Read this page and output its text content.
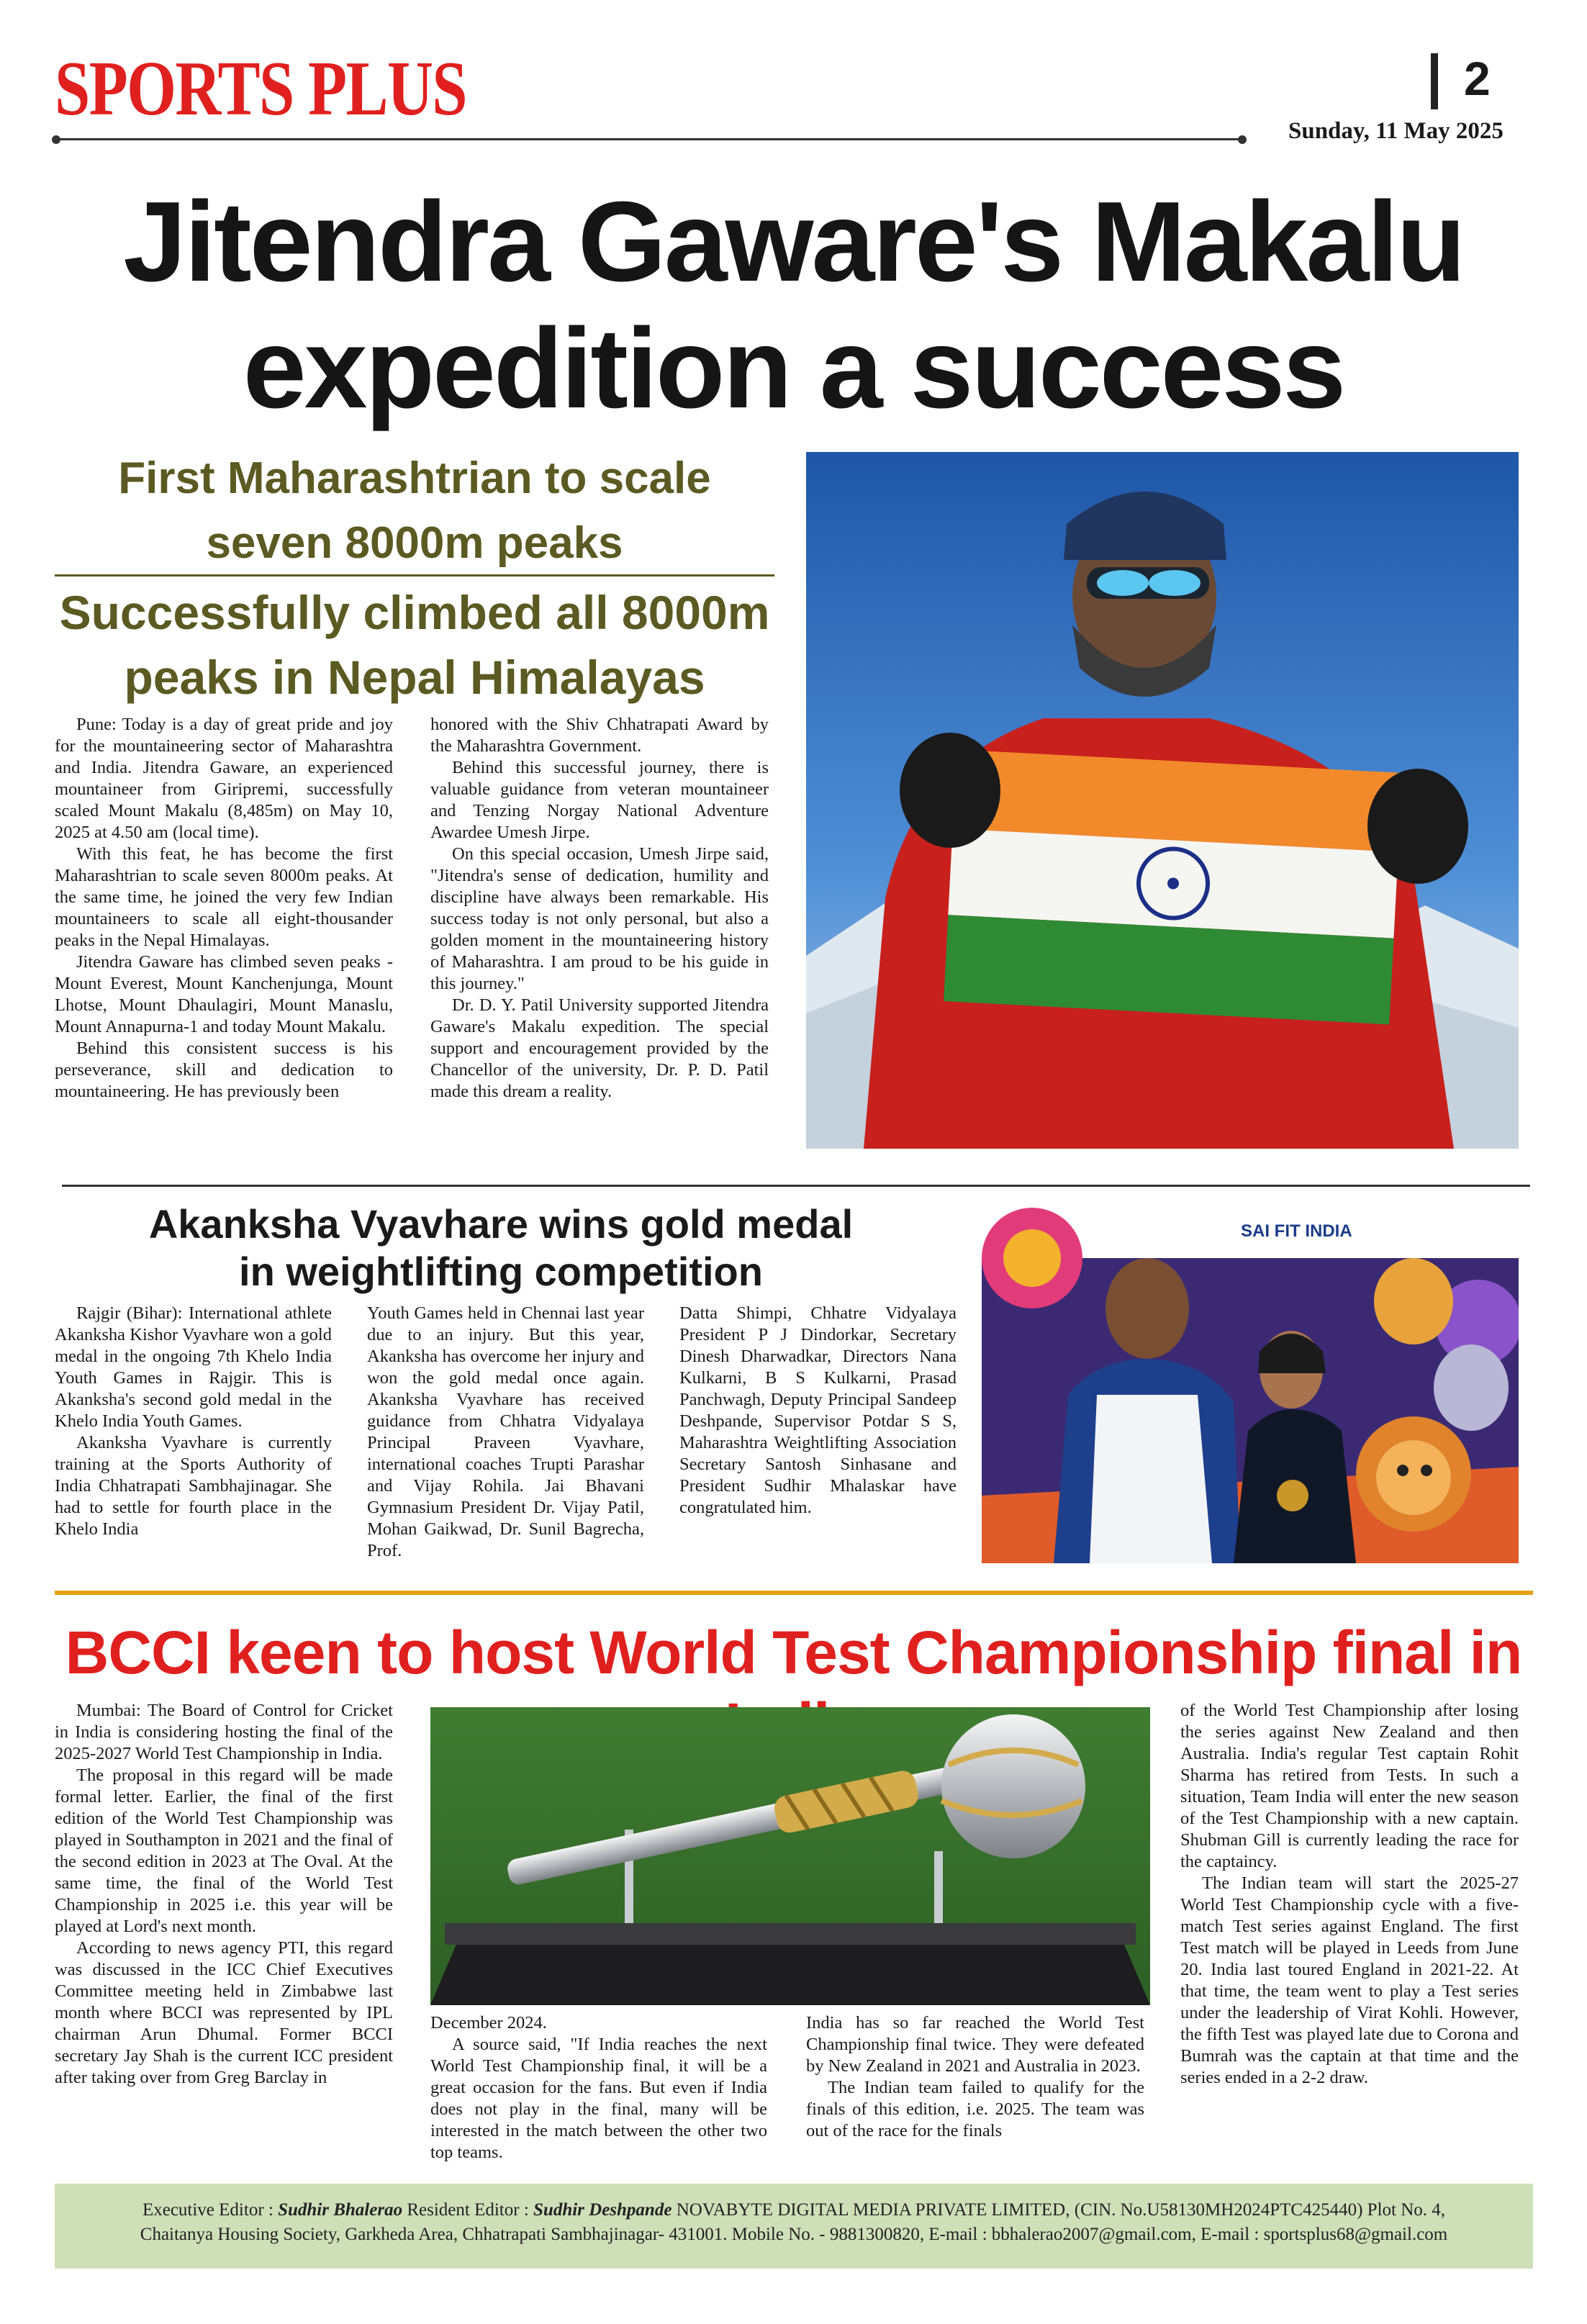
SPORTS PLUS	2
Sunday, 11 May 2025
Jitendra Gaware's Makalu
expedition a success
First Maharashtrian to scale
seven 8000m peaks
Successfully climbed all 8000m
peaks in Nepal Himalayas

Pune: Today is a day of great pride and joy for the mountaineering sector of Maharashtra and India. Jitendra Gaware, an experienced mountaineer from Giripremi, successfully scaled Mount Makalu (8,485m) on May 10, 2025 at 4.50 am (local time).

With this feat, he has become the first Maharashtrian to scale seven 8000m peaks. At the same time, he joined the very few Indian mountaineers to scale all eight-thousander peaks in the Nepal Himalayas.

Jitendra Gaware has climbed seven peaks - Mount Everest, Mount Kanchenjunga, Mount Lhotse, Mount Dhaulagiri, Mount Manaslu, Mount Annapurna-1 and today Mount Makalu.

Behind this consistent success is his perseverance, skill and dedication to mountaineering. He has previously been

honored with the Shiv Chhatrapati Award by the Maharashtra Government.

Behind this successful journey, there is valuable guidance from veteran mountaineer and Tenzing Norgay National Adventure Awardee Umesh Jirpe.

On this special occasion, Umesh Jirpe said, "Jitendra's sense of dedication, humility and discipline have always been remarkable. His success today is not only personal, but also a golden moment in the mountaineering history of Maharashtra. I am proud to be his guide in this journey."

Dr. D. Y. Patil University supported Jitendra Gaware's Makalu expedition. The special support and encouragement provided by the Chancellor of the university, Dr. P. D. Patil made this dream a reality.

Akanksha Vyavhare wins gold medal
in weightlifting competition

Rajgir (Bihar): International athlete Akanksha Kishor Vyavhare won a gold medal in the ongoing 7th Khelo India Youth Games in Rajgir. This is Akanksha's second gold medal in the Khelo India Youth Games.

Akanksha Vyavhare is currently training at the Sports Authority of India Chhatrapati Sambhajinagar. She had to settle for fourth place in the Khelo India

Youth Games held in Chennai last year due to an injury. But this year, Akanksha has overcome her injury and won the gold medal once again. Akanksha Vyavhare has received guidance from Chhatra Vidyalaya Principal Praveen Vyavhare, international coaches Trupti Parashar and Vijay Rohila. Jai Bhavani Gymnasium President Dr. Vijay Patil, Mohan Gaikwad, Dr. Sunil Bagrecha, Prof.

Datta Shimpi, Chhatre Vidyalaya President P J Dindorkar, Secretary Dinesh Dharwadkar, Directors Nana Kulkarni, B S Kulkarni, Prasad Panchwagh, Deputy Principal Sandeep Deshpande, Supervisor Potdar S S, Maharashtra Weightlifting Association Secretary Santosh Sinhasane and President Sudhir Mhalaskar have congratulated him.

SAI FIT INDIA
BCCI keen to host World Test Championship final in

Mumbai: The Board of Control for Cricket in India is considering hosting the final of the 2025-2027 World Test Championship in India.

The proposal in this regard will be made formal letter. Earlier, the final of the first edition of the World Test Championship was played in Southampton in 2021 and the final of the second edition in 2023 at The Oval. At the same time, the final of the World Test Championship in 2025 i.e. this year will be played at Lord's next month.

According to news agency PTI, this regard was discussed in the ICC Chief Executives Committee meeting held in Zimbabwe last month where BCCI was represented by IPL chairman Arun Dhumal. Former BCCI secretary Jay Shah is the current ICC president after taking over from Greg Barclay in

December 2024.

A source said, "If India reaches the next World Test Championship final, it will be a great occasion for the fans. But even if India does not play in the final, many will be interested in the match between the other two top teams.

India has so far reached the World Test Championship final twice. They were defeated by New Zealand in 2021 and Australia in 2023.

The Indian team failed to qualify for the finals of this edition, i.e. 2025. The team was out of the race for the finals

of the World Test Championship after losing the series against New Zealand and then Australia. India's regular Test captain Rohit Sharma has retired from Tests. In such a situation, Team India will enter the new season of the Test Championship with a new captain. Shubman Gill is currently leading the race for the captaincy.

The Indian team will start the 2025-27 World Test Championship cycle with a five-match Test series against England. The first Test match will be played in Leeds from June 20. India last toured England in 2021-22. At that time, the team went to play a Test series under the leadership of Virat Kohli. However, the fifth Test was played late due to Corona and Bumrah was the captain at that time and the series ended in a 2-2 draw.

Executive Editor : Sudhir Bhalerao Resident Editor : Sudhir Deshpande NOVABYTE DIGITAL MEDIA PRIVATE LIMITED, (CIN. No.U58130MH2024PTC425440) Plot No. 4,
Chaitanya Housing Society, Garkheda Area, Chhatrapati Sambhajinagar- 431001. Mobile No. - 9881300820, E-mail : bbhalerao2007@gmail.com, E-mail : sportsplus68@gmail.com
